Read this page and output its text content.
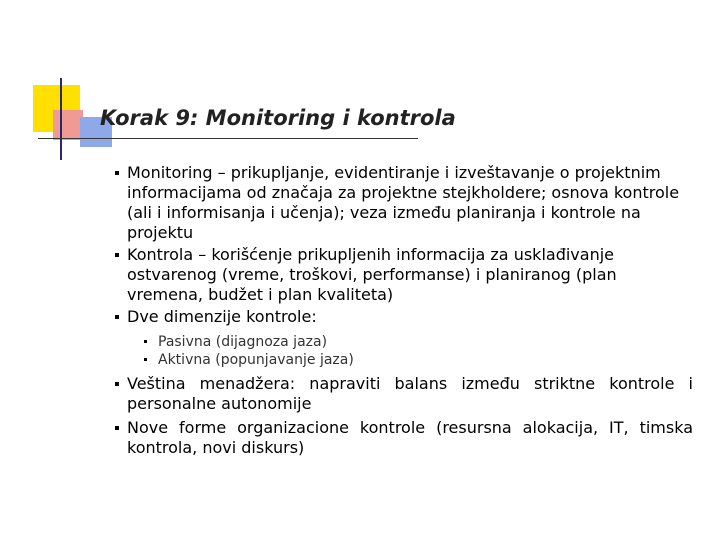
Korak 9: Monitoring i kontrola
Monitoring – prikupljanje, evidentiranje i izveštavanje o projektnim informacijama od značaja za projektne stejkholdere; osnova kontrole (ali i informisanja i učenja); veza između planiranja i kontrole na projektu
Kontrola – korišćenje prikupljenih informacija za usklađivanje ostvarenog (vreme, troškovi, performanse) i planiranog (plan vremena, budžet i plan kvaliteta)
Dve dimenzije kontrole:
Pasivna (dijagnoza jaza)
Aktivna (popunjavanje jaza)
Veština menadžera: napraviti balans između striktne kontrole i personalne autonomije
Nove forme organizacione kontrole (resursna alokacija, IT, timska kontrola, novi diskurs)
